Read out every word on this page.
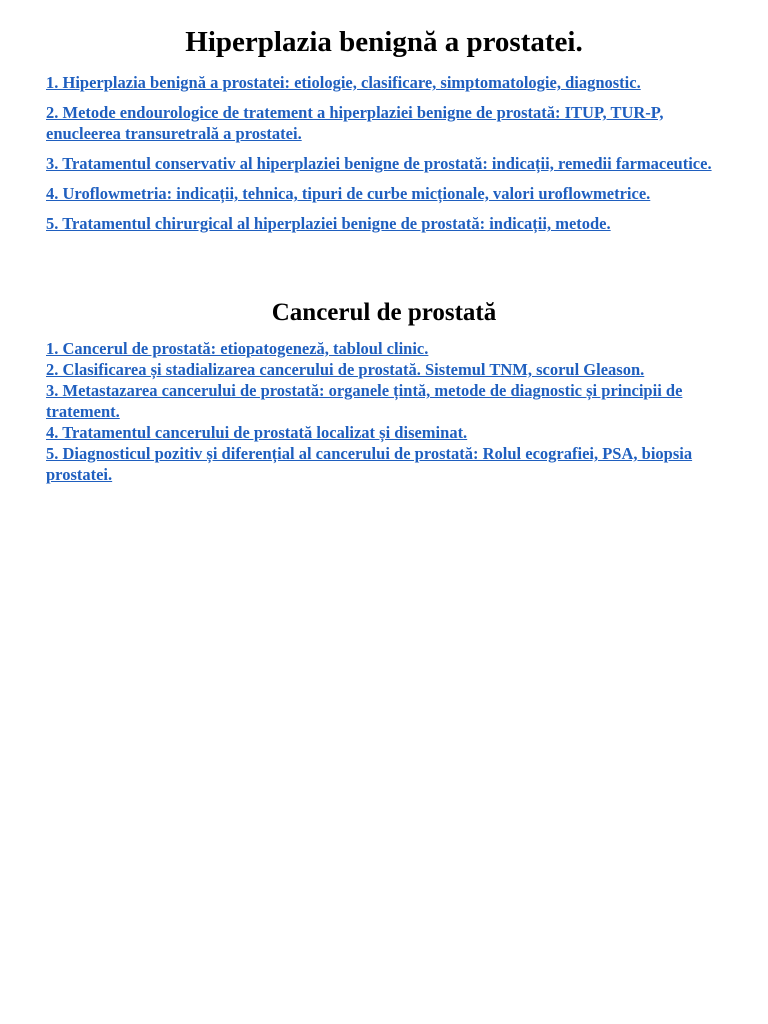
Hiperplazia benignă a prostatei.
1. Hiperplazia benignă a prostatei: etiologie, clasificare, simptomatologie, diagnostic.
2. Metode endourologice de tratement a hiperplaziei benigne de prostată: ITUP, TUR-P, enucleerea transuretrală a prostatei.
3. Tratamentul conservativ al hiperplaziei benigne de prostată: indicații, remedii farmaceutice.
4. Uroflowmetria: indicații, tehnica, tipuri de curbe micționale, valori uroflowmetrice.
5. Tratamentul chirurgical al hiperplaziei benigne de prostată: indicații, metode.
Cancerul de prostată
1. Cancerul de prostată: etiopatogeneză, tabloul clinic.
2. Clasificarea și stadializarea cancerului de prostată. Sistemul TNM, scorul Gleason.
3. Metastazarea cancerului de prostată: organele țintă, metode de diagnostic și principii de tratement.
4. Tratamentul cancerului de prostată localizat și diseminat.
5. Diagnosticul pozitiv și diferențial al cancerului de prostată: Rolul ecografiei, PSA, biopsia prostatei.
